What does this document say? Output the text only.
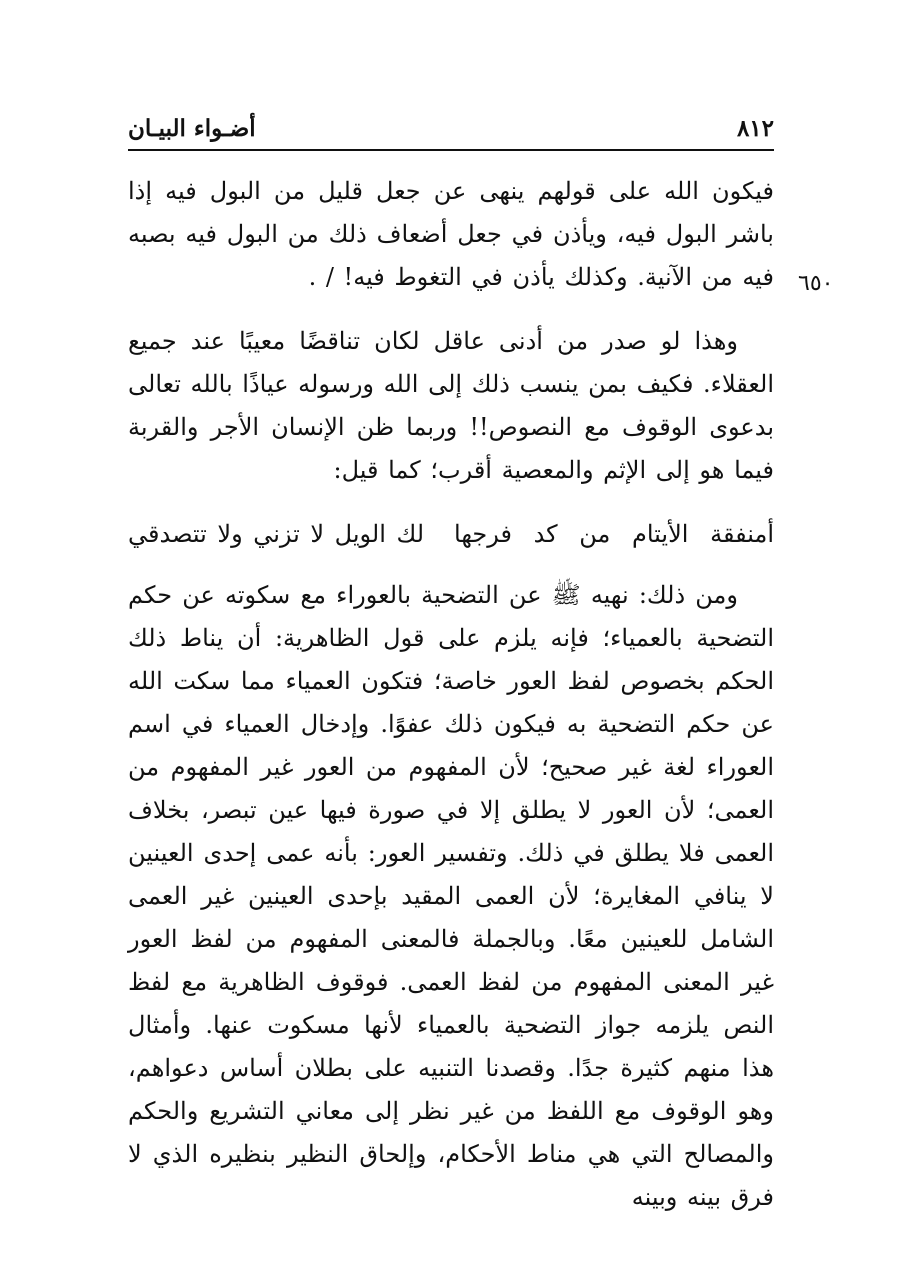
٨١٢
أضـواء البيـان
فيكون الله على قولهم ينهى عن جعل قليل من البول فيه إذا باشر البول فيه، ويأذن في جعل أضعاف ذلك من البول فيه بصبه فيه من الآنية. وكذلك يأذن في التغوط فيه! / . ٦٥٠
وهذا لو صدر من أدنى عاقل لكان تناقضًا معيبًا عند جميع العقلاء. فكيف بمن ينسب ذلك إلى الله ورسوله عياذًا بالله تعالى بدعوى الوقوف مع النصوص!! وربما ظن الإنسان الأجر والقربة فيما هو إلى الإثم والمعصية أقرب؛ كما قيل:
أمنفقة الأيتام من كد فرجها
لك الويل لا تزني ولا تتصدقي
ومن ذلك: نهيه ﷺ عن التضحية بالعوراء مع سكوته عن حكم التضحية بالعمياء؛ فإنه يلزم على قول الظاهرية: أن يناط ذلك الحكم بخصوص لفظ العور خاصة؛ فتكون العمياء مما سكت الله عن حكم التضحية به فيكون ذلك عفوًا. وإدخال العمياء في اسم العوراء لغة غير صحيح؛ لأن المفهوم من العور غير المفهوم من العمى؛ لأن العور لا يطلق إلا في صورة فيها عين تبصر، بخلاف العمى فلا يطلق في ذلك. وتفسير العور: بأنه عمى إحدى العينين لا ينافي المغايرة؛ لأن العمى المقيد بإحدى العينين غير العمى الشامل للعينين معًا. وبالجملة فالمعنى المفهوم من لفظ العور غير المعنى المفهوم من لفظ العمى. فوقوف الظاهرية مع لفظ النص يلزمه جواز التضحية بالعمياء لأنها مسكوت عنها. وأمثال هذا منهم كثيرة جدًا. وقصدنا التنبيه على بطلان أساس دعواهم، وهو الوقوف مع اللفظ من غير نظر إلى معاني التشريع والحكم والمصالح التي هي مناط الأحكام، وإلحاق النظير بنظيره الذي لا فرق بينه وبينه
